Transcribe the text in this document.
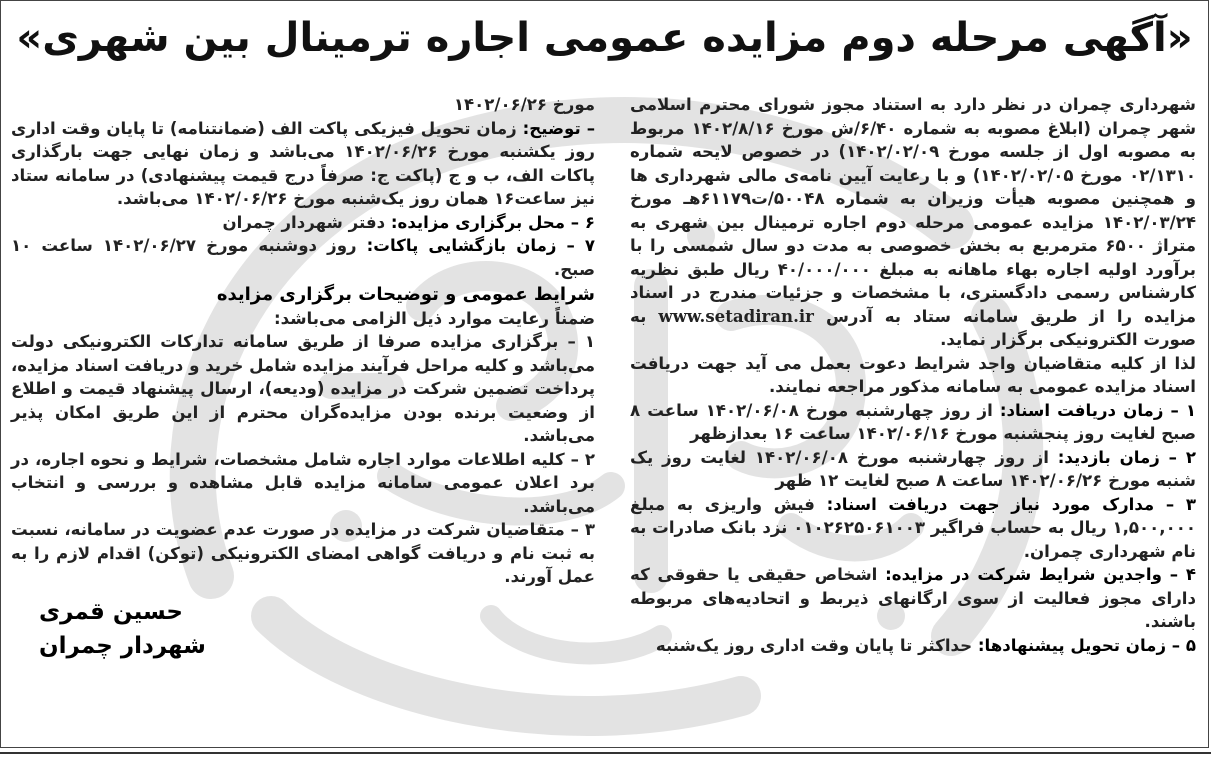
«آگهی مرحله دوم مزایده عمومی اجاره ترمینال بین شهری»

شهرداری چمران در نظر دارد به استناد مجوز شورای محترم اسلامی شهر چمران (ابلاغ مصوبه به شماره ۶/۴۰/ش مورخ ۱۴۰۲/۸/۱۶ مربوط به مصوبه اول از جلسه مورخ ۱۴۰۲/۰۲/۰۹) در خصوص لایحه شماره ۰۲/۱۳۱۰ مورخ ۱۴۰۲/۰۲/۰۵) و با رعایت آیین نامه‌ی مالی شهرداری ها و همچنین مصوبه هیأت وزیران به شماره ۵۰۰۴۸/ت۶۱۱۷۹هـ مورخ ۱۴۰۲/۰۳/۲۴ مزایده عمومی مرحله دوم اجاره ترمینال بین شهری به متراژ ۶۵۰۰ مترمربع به بخش خصوصی به مدت دو سال شمسی را با برآورد اولیه اجاره بهاء ماهانه به مبلغ ۴۰/۰۰۰/۰۰۰ ریال طبق نظریه کارشناس رسمی دادگستری، با مشخصات و جزئیات مندرج در اسناد مزایده را از طریق سامانه ستاد به آدرس www.setadiran.ir به صورت الکترونیکی برگزار نماید.

لذا از کلیه متقاضیان واجد شرایط دعوت بعمل می آید جهت دریافت اسناد مزایده عمومی به سامانه مذکور مراجعه نمایند.

۱ – زمان دریافت اسناد: از روز چهارشنبه مورخ ۱۴۰۲/۰۶/۰۸ ساعت ۸ صبح لغایت روز پنجشنبه مورخ ۱۴۰۲/۰۶/۱۶ ساعت ۱۶ بعدازظهر

۲ – زمان بازدید: از روز چهارشنبه مورخ ۱۴۰۲/۰۶/۰۸ لغایت روز یک شنبه مورخ ۱۴۰۲/۰۶/۲۶ ساعت ۸ صبح لغایت ۱۲ ظهر

۳ – مدارک مورد نیاز جهت دریافت اسناد: فیش واریزی به مبلغ ۱,۵۰۰,۰۰۰ ریال به حساب فراگیر ۰۱۰۲۶۲۵۰۶۱۰۰۳ نزد بانک صادرات به نام شهرداری چمران.

۴ – واجدین شرایط شرکت در مزایده: اشخاص حقیقی یا حقوقی که دارای مجوز فعالیت از سوی ارگانهای ذیربط و اتحادیه‌های مربوطه باشند.

۵ – زمان تحویل پیشنهادها: حداکثر تا پایان وقت اداری روز یک‌شنبه

مورخ ۱۴۰۲/۰۶/۲۶

– توضیح: زمان تحویل فیزیکی پاکت الف (ضمانتنامه) تا پایان وقت اداری روز یکشنبه مورخ ۱۴۰۲/۰۶/۲۶ می‌باشد و زمان نهایی جهت بارگذاری پاکات الف، ب و ج (پاکت ج: صرفاً درج قیمت پیشنهادی) در سامانه ستاد نیز ساعت۱۶ همان روز یک‌شنبه مورخ ۱۴۰۲/۰۶/۲۶ می‌باشد.

۶ – محل برگزاری مزایده: دفتر شهردار چمران

۷ – زمان بازگشایی پاکات: روز دوشنبه مورخ ۱۴۰۲/۰۶/۲۷ ساعت ۱۰ صبح.

شرایط عمومی و توضیحات برگزاری مزایده

ضمناً رعایت موارد ذیل الزامی می‌باشد:

۱ – برگزاری مزایده صرفا از طریق سامانه تدارکات الکترونیکی دولت می‌باشد و کلیه مراحل فرآیند مزایده شامل خرید و دریافت اسناد مزایده، پرداخت تضمین شرکت در مزایده (ودیعه)، ارسال پیشنهاد قیمت و اطلاع از وضعیت برنده بودن مزایده‌گران محترم از این طریق امکان پذیر می‌باشد.

۲ – کلیه اطلاعات موارد اجاره شامل مشخصات، شرایط و نحوه اجاره، در برد اعلان عمومی سامانه مزایده قابل مشاهده و بررسی و انتخاب می‌باشد.

۳ – متقاضیان شرکت در مزایده در صورت عدم عضویت در سامانه، نسبت به ثبت نام و دریافت گواهی امضای الکترونیکی (توکن) اقدام لازم را به عمل آورند.

حسین قمری
شهردار چمران
